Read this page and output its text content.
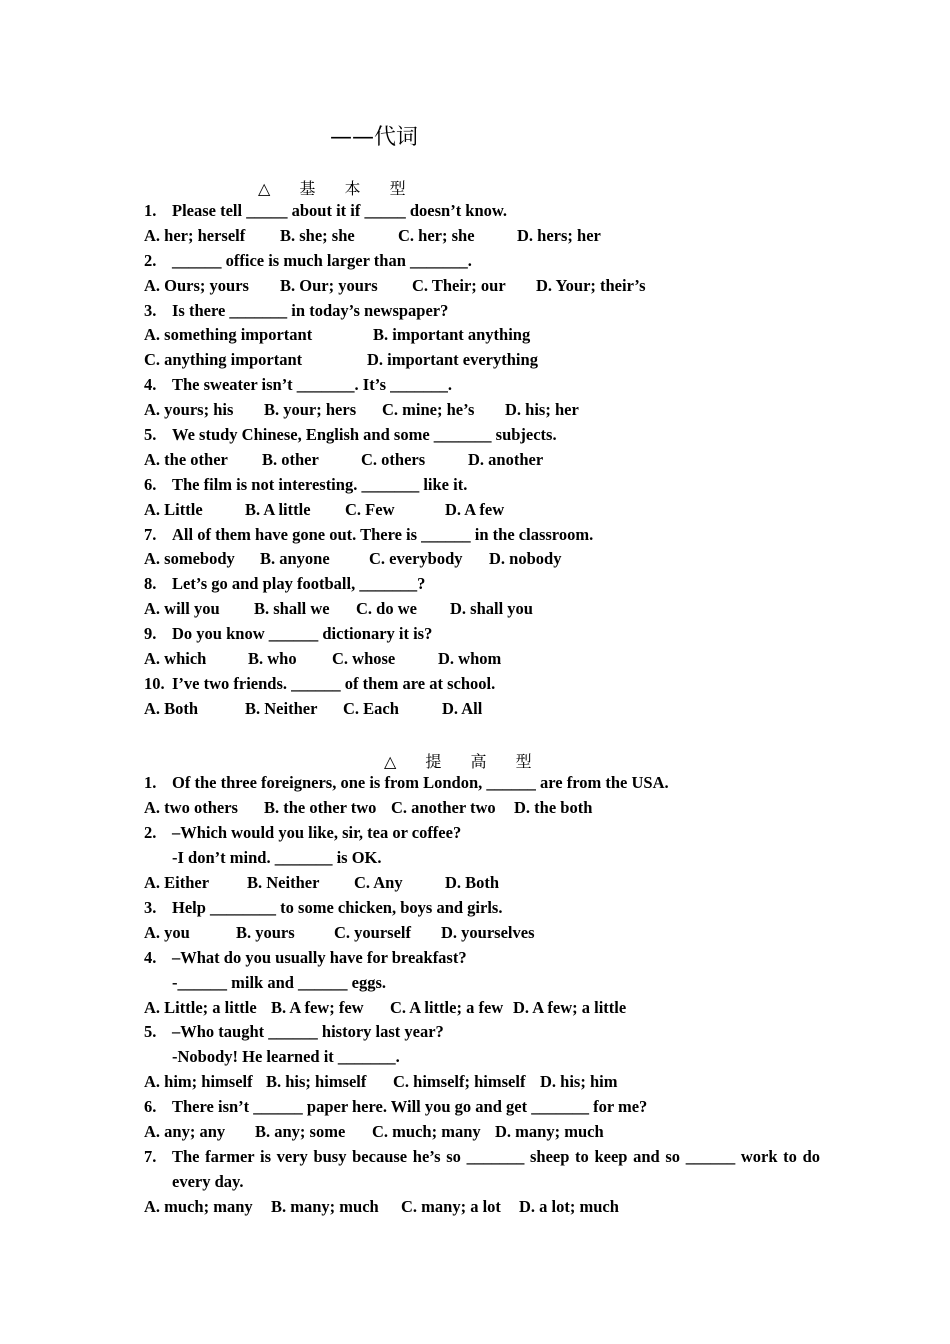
——代词
△ 基 本 型
△ 提 高 型
1. Please tell _____ about it if _____ doesn’t know.
A. her; herself B. she; she	C. her; she	D. hers; her
2. ______ office is much larger than _______.
A. Ours; yours B. Our; yours C. Their; our D. Your; their’s
3. Is there _______ in today’s newspaper?
A. something important	B. important anything
C. anything important	D. important everything
4. The sweater isn’t _______. It’s _______.
A. yours; his B. your; hers C. mine; he’s D. his; her
5. We study Chinese, English and some _______ subjects.
A. the other B. other	C. others	D. another
6. The film is not interesting. _______ like it.
A. Little	B. A little C. Few	D. A few
7. All of them have gone out. There is ______ in the classroom.
A. somebody B. anyone C. everybody D. nobody
8. Let’s go and play football, _______?
A. will you B. shall we C. do we D. shall you
9. Do you know ______ dictionary it is?
A. which	B. who C. whose	D. whom
10. I’ve two friends. ______ of them are at school.
A. Both	B. Neither C. Each	D. All
1. Of the three foreigners, one is from London, ______ are from the USA.
A. two others B. the other two C. another two D. the both
2. –Which would you like, sir, tea or coffee?
-I don’t mind. _______ is OK.
A. Either B. Neither C. Any	D. Both
3. Help ________ to some chicken, boys and girls.
A. you	B. yours C. yourself D. yourselves
4. –What do you usually have for breakfast?
-______ milk and ______ eggs.
A. Little; a little B. A few; few C. A little; a few D. A few; a little
5. –Who taught ______ history last year?
-Nobody! He learned it _______.
A. him; himself B. his; himself C. himself; himself D. his; him
6. There isn’t ______ paper here. Will you go and get _______ for me?
A. any; any B. any; some C. much; many D. many; much
7. The farmer is very busy because he’s so _______ sheep to keep and so ______ work to do
every day.
A. much; many B. many; much C. many; a lot D. a lot; much
